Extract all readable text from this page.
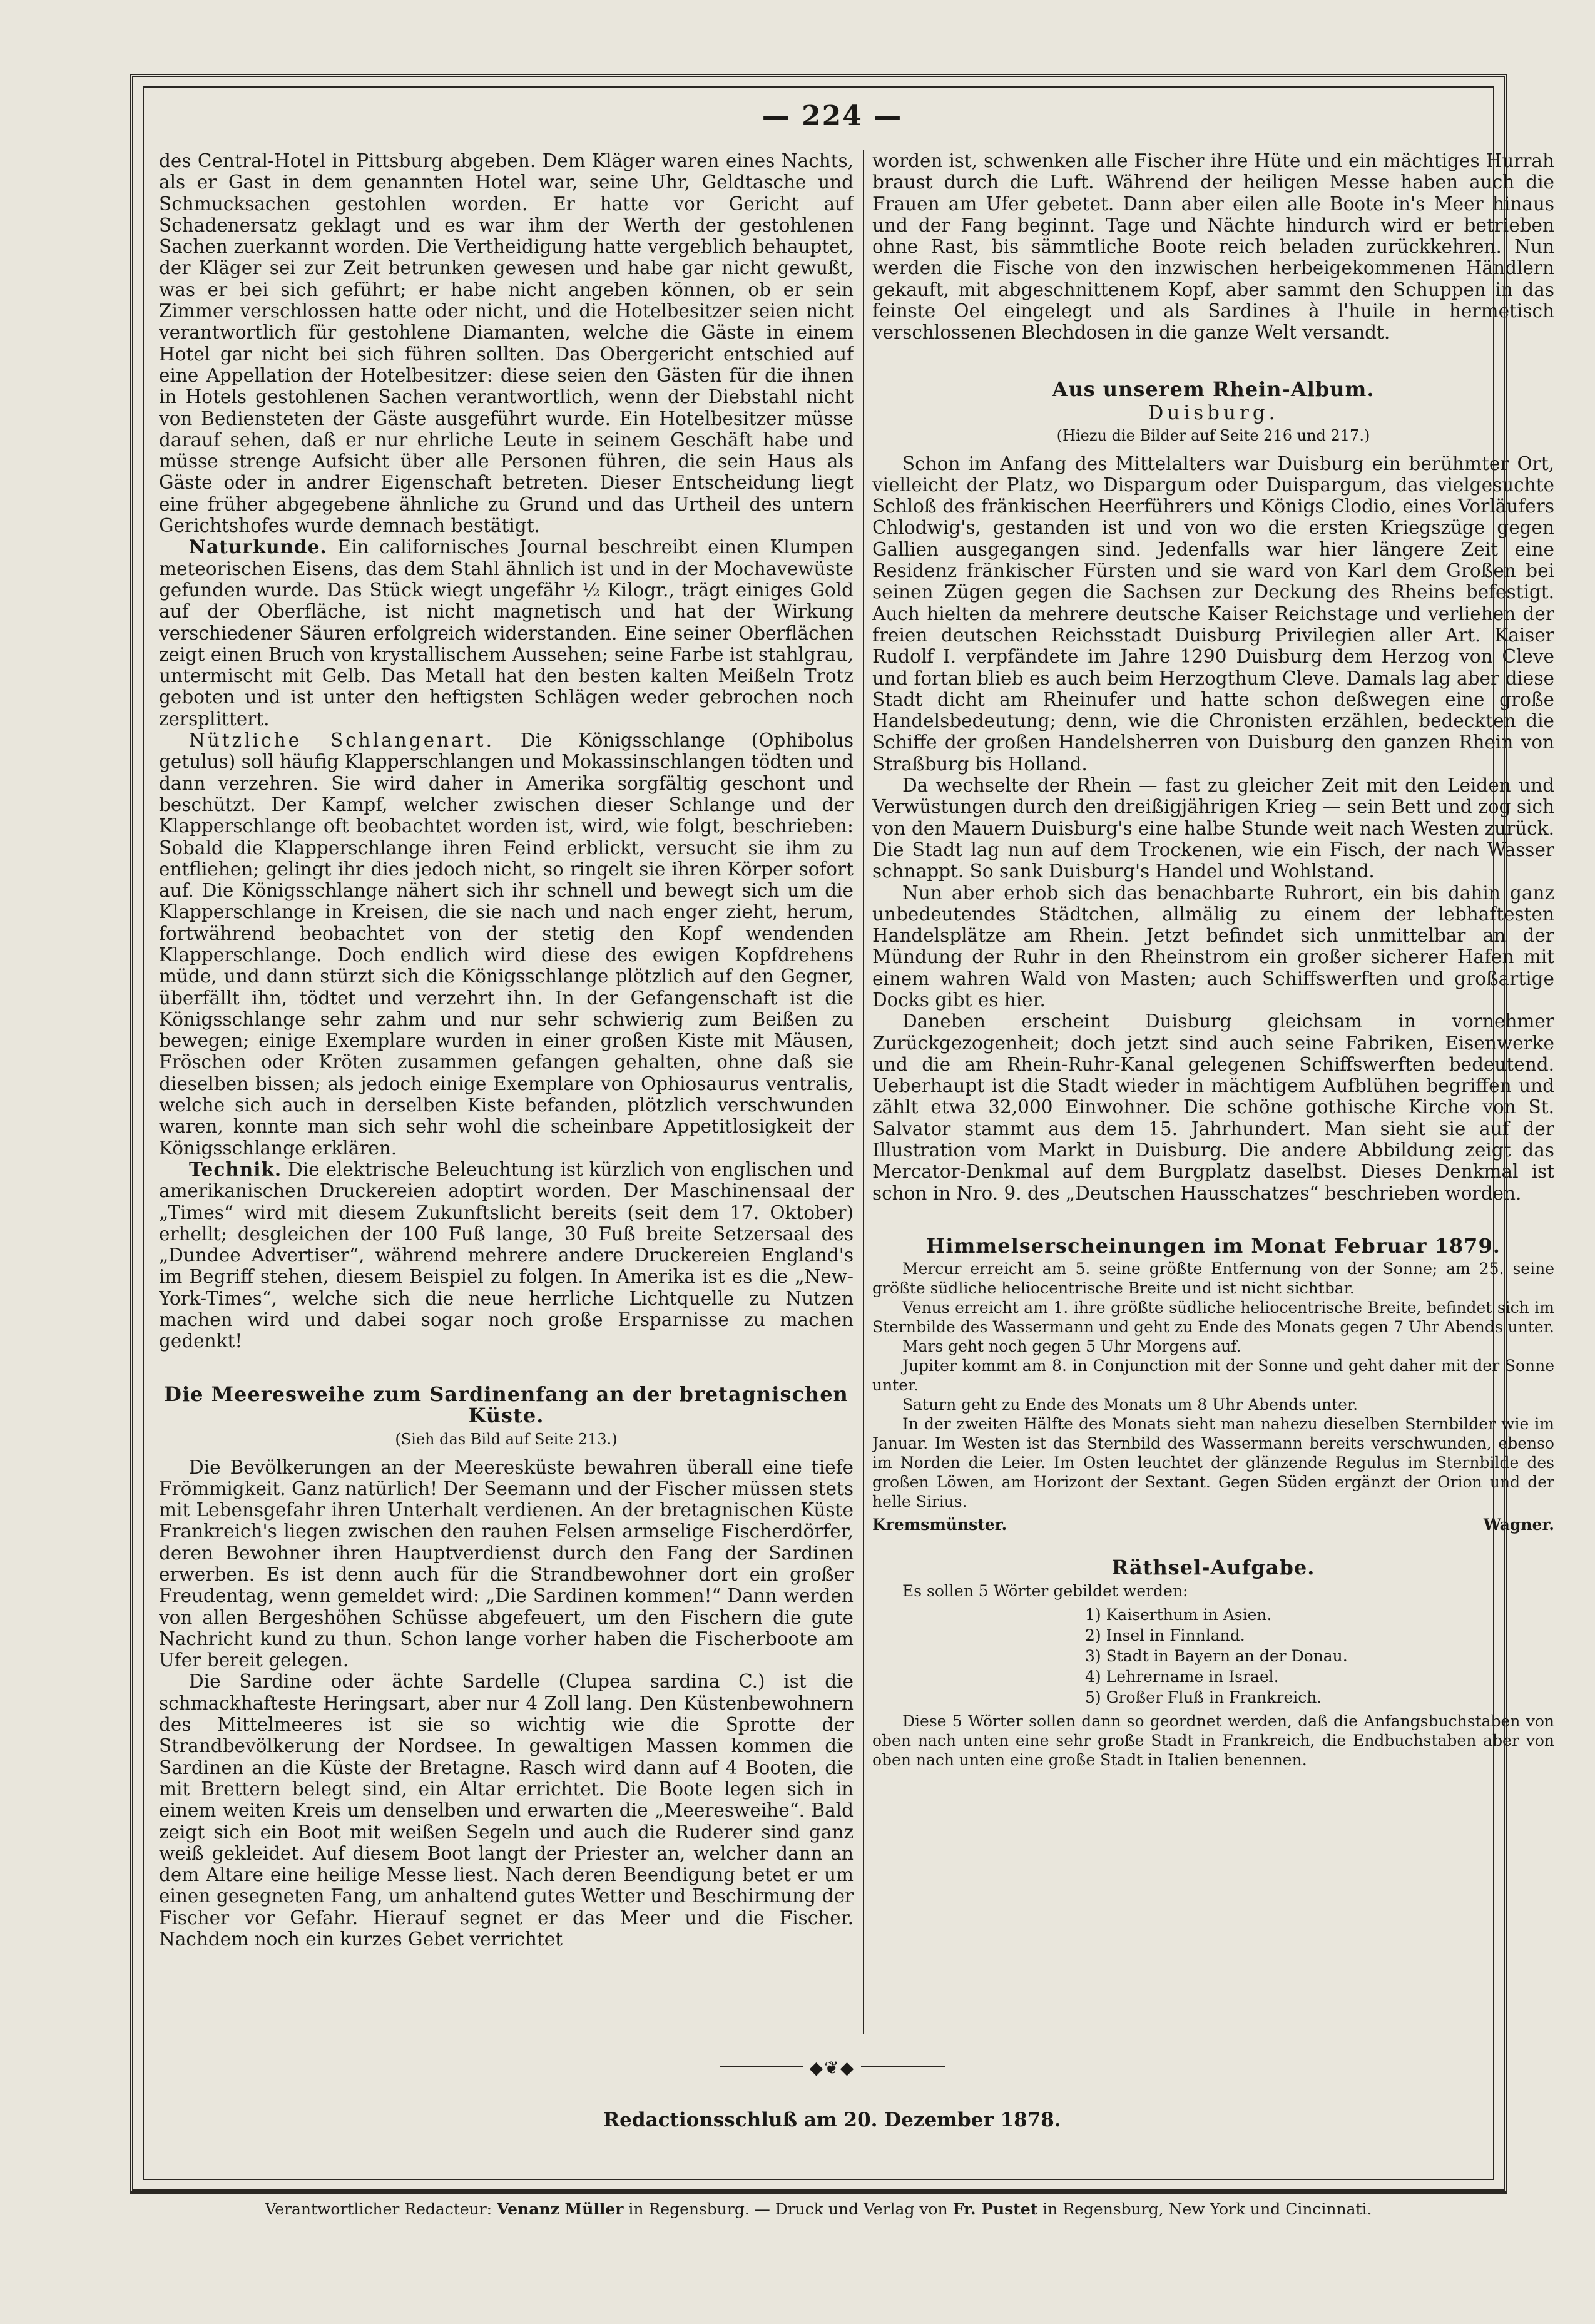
— 224 —

des Central-Hotel in Pittsburg abgeben. Dem Kläger waren eines Nachts, als er Gast in dem genannten Hotel war, seine Uhr, Geldtasche und Schmucksachen gestohlen worden. Er hatte vor Gericht auf Schadenersatz geklagt und es war ihm der Werth der gestohlenen Sachen zuerkannt worden. Die Vertheidigung hatte vergeblich behauptet, der Kläger sei zur Zeit betrunken gewesen und habe gar nicht gewußt, was er bei sich geführt; er habe nicht angeben können, ob er sein Zimmer verschlossen hatte oder nicht, und die Hotelbesitzer seien nicht verantwortlich für gestohlene Diamanten, welche die Gäste in einem Hotel gar nicht bei sich führen sollten. Das Obergericht entschied auf eine Appellation der Hotelbesitzer: diese seien den Gästen für die ihnen in Hotels gestohlenen Sachen verantwortlich, wenn der Diebstahl nicht von Bediensteten der Gäste ausgeführt wurde. Ein Hotelbesitzer müsse darauf sehen, daß er nur ehrliche Leute in seinem Geschäft habe und müsse strenge Aufsicht über alle Personen führen, die sein Haus als Gäste oder in andrer Eigenschaft betreten. Dieser Entscheidung liegt eine früher abgegebene ähnliche zu Grund und das Urtheil des untern Gerichtshofes wurde demnach bestätigt.

Naturkunde. Ein californisches Journal beschreibt einen Klumpen meteorischen Eisens, das dem Stahl ähnlich ist und in der Mochavewüste gefunden wurde. Das Stück wiegt ungefähr ½ Kilogr., trägt einiges Gold auf der Oberfläche, ist nicht magnetisch und hat der Wirkung verschiedener Säuren erfolgreich widerstanden. Eine seiner Oberflächen zeigt einen Bruch von krystallischem Aussehen; seine Farbe ist stahlgrau, untermischt mit Gelb. Das Metall hat den besten kalten Meißeln Trotz geboten und ist unter den heftigsten Schlägen weder gebrochen noch zersplittert.

Nützliche Schlangenart. Die Königsschlange (Ophibolus getulus) soll häufig Klapperschlangen und Mokassinschlangen tödten und dann verzehren. Sie wird daher in Amerika sorgfältig geschont und beschützt. Der Kampf, welcher zwischen dieser Schlange und der Klapperschlange oft beobachtet worden ist, wird, wie folgt, beschrieben: Sobald die Klapperschlange ihren Feind erblickt, versucht sie ihm zu entfliehen; gelingt ihr dies jedoch nicht, so ringelt sie ihren Körper sofort auf. Die Königsschlange nähert sich ihr schnell und bewegt sich um die Klapperschlange in Kreisen, die sie nach und nach enger zieht, herum, fortwährend beobachtet von der stetig den Kopf wendenden Klapperschlange. Doch endlich wird diese des ewigen Kopfdrehens müde, und dann stürzt sich die Königsschlange plötzlich auf den Gegner, überfällt ihn, tödtet und verzehrt ihn. In der Gefangenschaft ist die Königsschlange sehr zahm und nur sehr schwierig zum Beißen zu bewegen; einige Exemplare wurden in einer großen Kiste mit Mäusen, Fröschen oder Kröten zusammen gefangen gehalten, ohne daß sie dieselben bissen; als jedoch einige Exemplare von Ophiosaurus ventralis, welche sich auch in derselben Kiste befanden, plötzlich verschwunden waren, konnte man sich sehr wohl die scheinbare Appetitlosigkeit der Königsschlange erklären.

Technik. Die elektrische Beleuchtung ist kürzlich von englischen und amerikanischen Druckereien adoptirt worden. Der Maschinensaal der „Times“ wird mit diesem Zukunftslicht bereits (seit dem 17. Oktober) erhellt; desgleichen der 100 Fuß lange, 30 Fuß breite Setzersaal des „Dundee Advertiser“, während mehrere andere Druckereien England's im Begriff stehen, diesem Beispiel zu folgen. In Amerika ist es die „New-York-Times“, welche sich die neue herrliche Lichtquelle zu Nutzen machen wird und dabei sogar noch große Ersparnisse zu machen gedenkt!

Die Meeresweihe zum Sardinenfang an der bretagnischen Küste.
(Sieh das Bild auf Seite 213.)

Die Bevölkerungen an der Meeresküste bewahren überall eine tiefe Frömmigkeit. Ganz natürlich! Der Seemann und der Fischer müssen stets mit Lebensgefahr ihren Unterhalt verdienen. An der bretagnischen Küste Frankreich's liegen zwischen den rauhen Felsen armselige Fischerdörfer, deren Bewohner ihren Hauptverdienst durch den Fang der Sardinen erwerben. Es ist denn auch für die Strandbewohner dort ein großer Freudentag, wenn gemeldet wird: „Die Sardinen kommen!“ Dann werden von allen Bergeshöhen Schüsse abgefeuert, um den Fischern die gute Nachricht kund zu thun. Schon lange vorher haben die Fischerboote am Ufer bereit gelegen.

Die Sardine oder ächte Sardelle (Clupea sardina C.) ist die schmackhafteste Heringsart, aber nur 4 Zoll lang. Den Küstenbewohnern des Mittelmeeres ist sie so wichtig wie die Sprotte der Strandbevölkerung der Nordsee. In gewaltigen Massen kommen die Sardinen an die Küste der Bretagne. Rasch wird dann auf 4 Booten, die mit Brettern belegt sind, ein Altar errichtet. Die Boote legen sich in einem weiten Kreis um denselben und erwarten die „Meeresweihe“. Bald zeigt sich ein Boot mit weißen Segeln und auch die Ruderer sind ganz weiß gekleidet. Auf diesem Boot langt der Priester an, welcher dann an dem Altare eine heilige Messe liest. Nach deren Beendigung betet er um einen gesegneten Fang, um anhaltend gutes Wetter und Beschirmung der Fischer vor Gefahr. Hierauf segnet er das Meer und die Fischer. Nachdem noch ein kurzes Gebet verrichtet

worden ist, schwenken alle Fischer ihre Hüte und ein mächtiges Hurrah braust durch die Luft. Während der heiligen Messe haben auch die Frauen am Ufer gebetet. Dann aber eilen alle Boote in's Meer hinaus und der Fang beginnt. Tage und Nächte hindurch wird er betrieben ohne Rast, bis sämmtliche Boote reich beladen zurückkehren. Nun werden die Fische von den inzwischen herbeigekommenen Händlern gekauft, mit abgeschnittenem Kopf, aber sammt den Schuppen in das feinste Oel eingelegt und als Sardines à l'huile in hermetisch verschlossenen Blechdosen in die ganze Welt versandt.

Aus unserem Rhein-Album.
Duisburg.
(Hiezu die Bilder auf Seite 216 und 217.)

Schon im Anfang des Mittelalters war Duisburg ein berühmter Ort, vielleicht der Platz, wo Dispargum oder Duispargum, das vielgesuchte Schloß des fränkischen Heerführers und Königs Clodio, eines Vorläufers Chlodwig's, gestanden ist und von wo die ersten Kriegszüge gegen Gallien ausgegangen sind. Jedenfalls war hier längere Zeit eine Residenz fränkischer Fürsten und sie ward von Karl dem Großen bei seinen Zügen gegen die Sachsen zur Deckung des Rheins befestigt. Auch hielten da mehrere deutsche Kaiser Reichstage und verliehen der freien deutschen Reichsstadt Duisburg Privilegien aller Art. Kaiser Rudolf I. verpfändete im Jahre 1290 Duisburg dem Herzog von Cleve und fortan blieb es auch beim Herzogthum Cleve. Damals lag aber diese Stadt dicht am Rheinufer und hatte schon deßwegen eine große Handelsbedeutung; denn, wie die Chronisten erzählen, bedeckten die Schiffe der großen Handelsherren von Duisburg den ganzen Rhein von Straßburg bis Holland.

Da wechselte der Rhein — fast zu gleicher Zeit mit den Leiden und Verwüstungen durch den dreißigjährigen Krieg — sein Bett und zog sich von den Mauern Duisburg's eine halbe Stunde weit nach Westen zurück. Die Stadt lag nun auf dem Trockenen, wie ein Fisch, der nach Wasser schnappt. So sank Duisburg's Handel und Wohlstand.

Nun aber erhob sich das benachbarte Ruhrort, ein bis dahin ganz unbedeutendes Städtchen, allmälig zu einem der lebhaftesten Handelsplätze am Rhein. Jetzt befindet sich unmittelbar an der Mündung der Ruhr in den Rheinstrom ein großer sicherer Hafen mit einem wahren Wald von Masten; auch Schiffswerften und großartige Docks gibt es hier.

Daneben erscheint Duisburg gleichsam in vornehmer Zurückgezogenheit; doch jetzt sind auch seine Fabriken, Eisenwerke und die am Rhein-Ruhr-Kanal gelegenen Schiffswerften bedeutend. Ueberhaupt ist die Stadt wieder in mächtigem Aufblühen begriffen und zählt etwa 32,000 Einwohner. Die schöne gothische Kirche von St. Salvator stammt aus dem 15. Jahrhundert. Man sieht sie auf der Illustration vom Markt in Duisburg. Die andere Abbildung zeigt das Mercator-Denkmal auf dem Burgplatz daselbst. Dieses Denkmal ist schon in Nro. 9. des „Deutschen Hausschatzes“ beschrieben worden.

Himmelserscheinungen im Monat Februar 1879.

Mercur erreicht am 5. seine größte Entfernung von der Sonne; am 25. seine größte südliche heliocentrische Breite und ist nicht sichtbar.

Venus erreicht am 1. ihre größte südliche heliocentrische Breite, befindet sich im Sternbilde des Wassermann und geht zu Ende des Monats gegen 7 Uhr Abends unter.

Mars geht noch gegen 5 Uhr Morgens auf.

Jupiter kommt am 8. in Conjunction mit der Sonne und geht daher mit der Sonne unter.

Saturn geht zu Ende des Monats um 8 Uhr Abends unter.

In der zweiten Hälfte des Monats sieht man nahezu dieselben Sternbilder wie im Januar. Im Westen ist das Sternbild des Wassermann bereits verschwunden, ebenso im Norden die Leier. Im Osten leuchtet der glänzende Regulus im Sternbilde des großen Löwen, am Horizont der Sextant. Gegen Süden ergänzt der Orion und der helle Sirius.

Kremsmünster.	Wagner.
Räthsel-Aufgabe.

Es sollen 5 Wörter gebildet werden:

1) Kaiserthum in Asien.
2) Insel in Finnland.
3) Stadt in Bayern an der Donau.
4) Lehrername in Israel.
5) Großer Fluß in Frankreich.

Diese 5 Wörter sollen dann so geordnet werden, daß die Anfangsbuchstaben von oben nach unten eine sehr große Stadt in Frankreich, die Endbuchstaben aber von oben nach unten eine große Stadt in Italien benennen.

◆❦◆
Redactionsschluß am 20. Dezember 1878.
Verantwortlicher Redacteur: Venanz Müller in Regensburg. — Druck und Verlag von Fr. Pustet in Regensburg, New York und Cincinnati.
